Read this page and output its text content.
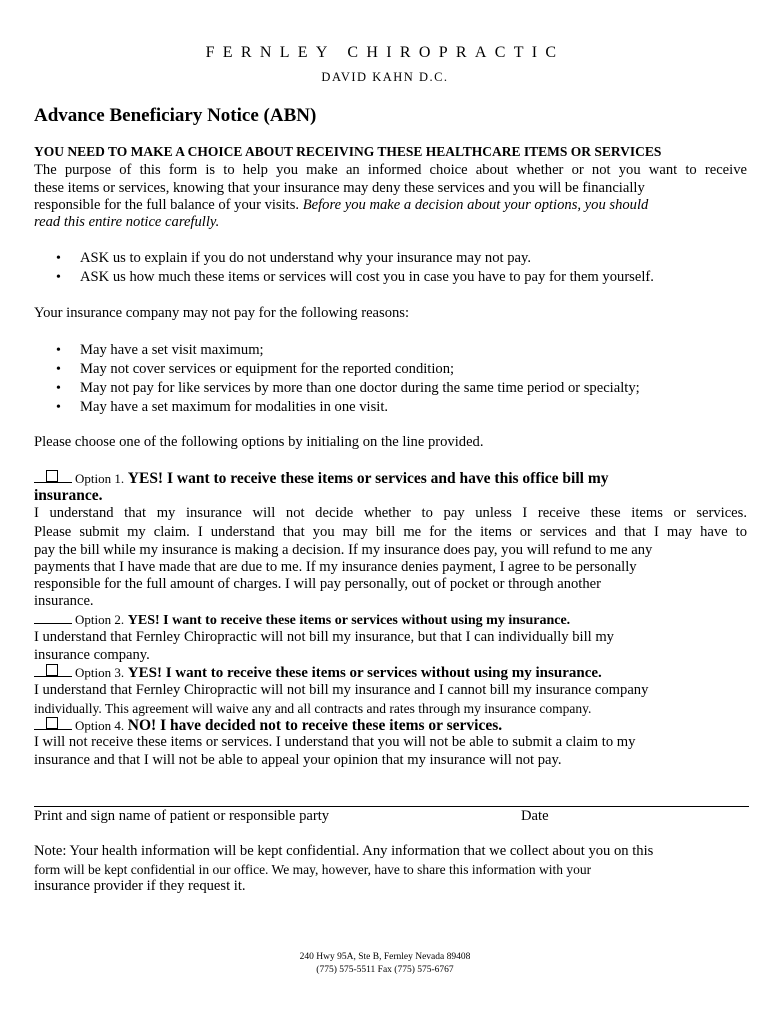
FERNLEY CHIROPRACTIC
DAVID KAHN D.C.
Advance Beneficiary Notice (ABN)
YOU NEED TO MAKE A CHOICE ABOUT RECEIVING THESE HEALTHCARE ITEMS OR SERVICES
The purpose of this form is to help you make an informed choice about whether or not you want to receive
these items or services, knowing that your insurance may deny these services and you will be financially
responsible for the full balance of your visits. Before you make a decision about your options, you should
read this entire notice carefully.
• ASK us to explain if you do not understand why your insurance may not pay.
• ASK us how much these items or services will cost you in case you have to pay for them yourself.
Your insurance company may not pay for the following reasons:
• May have a set visit maximum;
• May not cover services or equipment for the reported condition;
• May not pay for like services by more than one doctor during the same time period or specialty;
• May have a set maximum for modalities in one visit.
Please choose one of the following options by initialing on the line provided.
Option 1. YES! I want to receive these items or services and have this office bill my
insurance.
I understand that my insurance will not decide whether to pay unless I receive these items or services.
Please submit my claim. I understand that you may bill me for the items or services and that I may have to
pay the bill while my insurance is making a decision. If my insurance does pay, you will refund to me any
payments that I have made that are due to me. If my insurance denies payment, I agree to be personally
responsible for the full amount of charges. I will pay personally, out of pocket or through another
insurance.
Option 2. YES! I want to receive these items or services without using my insurance.
I understand that Fernley Chiropractic will not bill my insurance, but that I can individually bill my
insurance company.
Option 3. YES! I want to receive these items or services without using my insurance.
I understand that Fernley Chiropractic will not bill my insurance and I cannot bill my insurance company
individually. This agreement will waive any and all contracts and rates through my insurance company.
Option 4. NO! I have decided not to receive these items or services.
I will not receive these items or services. I understand that you will not be able to submit a claim to my
insurance and that I will not be able to appeal your opinion that my insurance will not pay.
Print and sign name of patient or responsible party	Date
Note: Your health information will be kept confidential. Any information that we collect about you on this
form will be kept confidential in our office. We may, however, have to share this information with your
insurance provider if they request it.
240 Hwy 95A, Ste B, Fernley Nevada 89408
(775) 575-5511 Fax (775) 575-6767
